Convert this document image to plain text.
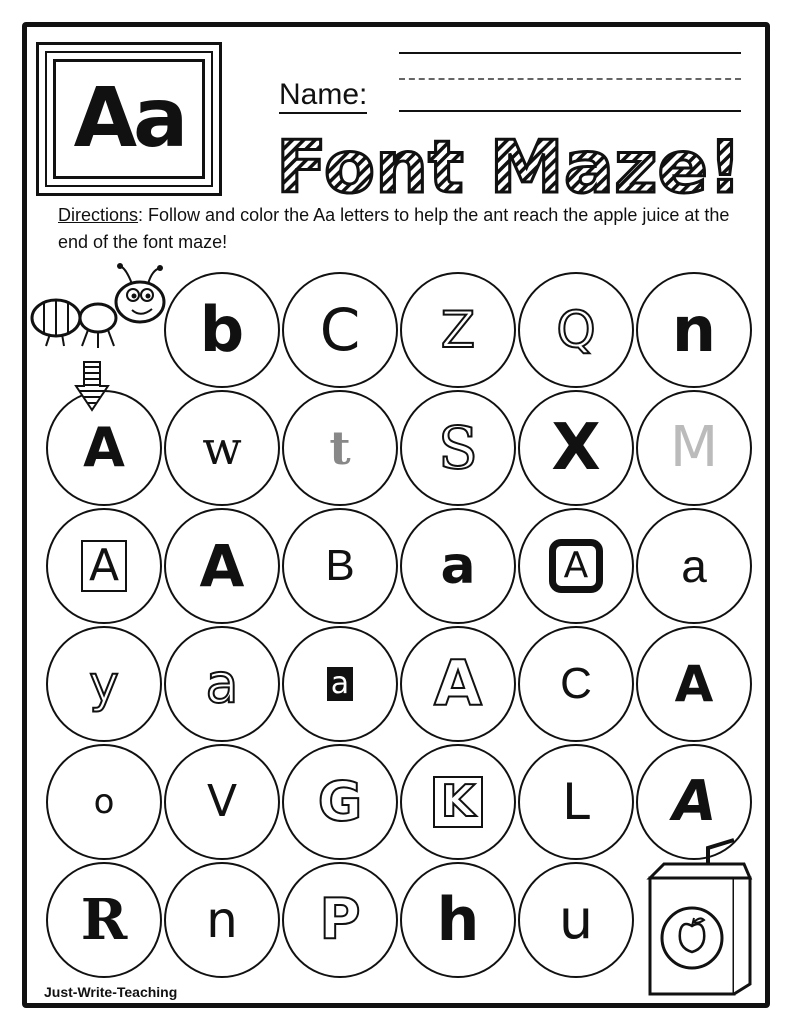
Aa	Name:
Font Maze!
Directions: Follow and color the Aa letters to help the ant reach the apple juice at the end of the font maze!
b C Z Q n
A w t S X M
A A B a	A	a
y a	a A C A
o V G K L A
R n P h u
Just-Write-Teaching
